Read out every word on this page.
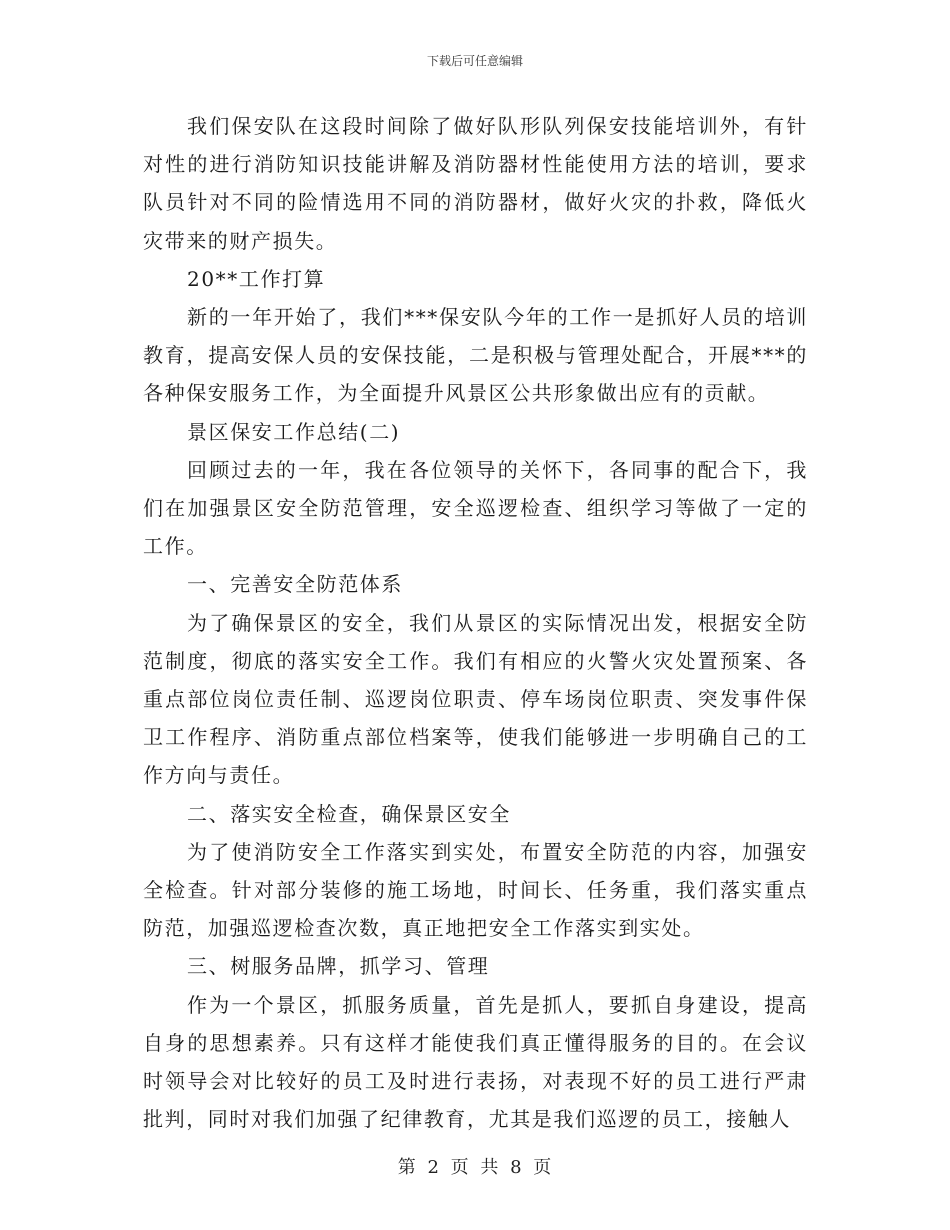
下载后可任意编辑

我们保安队在这段时间除了做好队形队列保安技能培训外，有针对性的进行消防知识技能讲解及消防器材性能使用方法的培训，要求队员针对不同的险情选用不同的消防器材，做好火灾的扑救，降低火灾带来的财产损失。

20**工作打算

新的一年开始了，我们***保安队今年的工作一是抓好人员的培训教育，提高安保人员的安保技能，二是积极与管理处配合，开展***的各种保安服务工作，为全面提升风景区公共形象做出应有的贡献。

景区保安工作总结(二)

回顾过去的一年，我在各位领导的关怀下，各同事的配合下，我们在加强景区安全防范管理，安全巡逻检查、组织学习等做了一定的工作。

一、完善安全防范体系

为了确保景区的安全，我们从景区的实际情况出发，根据安全防范制度，彻底的落实安全工作。我们有相应的火警火灾处置预案、各重点部位岗位责任制、巡逻岗位职责、停车场岗位职责、突发事件保卫工作程序、消防重点部位档案等，使我们能够进一步明确自己的工作方向与责任。

二、落实安全检查，确保景区安全

为了使消防安全工作落实到实处，布置安全防范的内容，加强安全检查。针对部分装修的施工场地，时间长、任务重，我们落实重点防范，加强巡逻检查次数，真正地把安全工作落实到实处。

三、树服务品牌，抓学习、管理

作为一个景区，抓服务质量，首先是抓人，要抓自身建设，提高自身的思想素养。只有这样才能使我们真正懂得服务的目的。在会议时领导会对比较好的员工及时进行表扬，对表现不好的员工进行严肃批判，同时对我们加强了纪律教育，尤其是我们巡逻的员工，接触人

第 2 页 共 8 页
